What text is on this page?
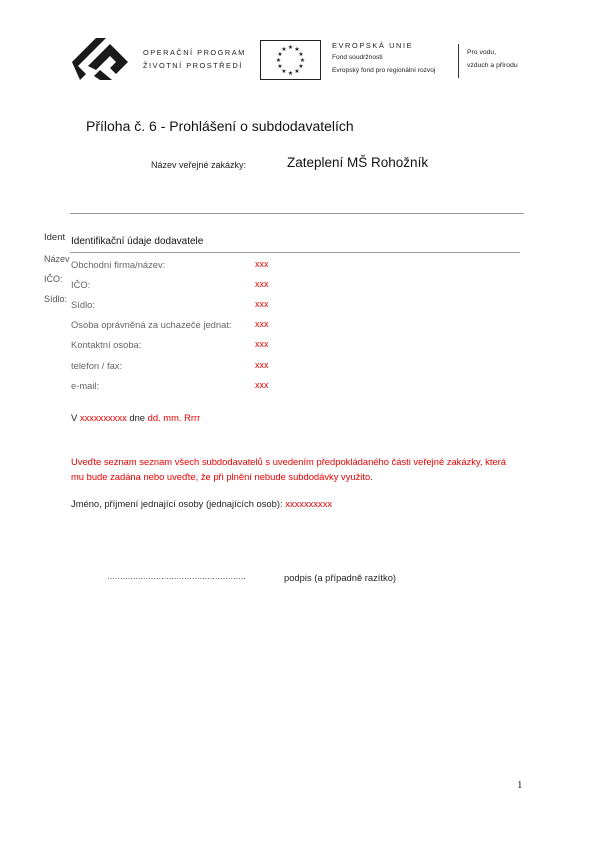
OPERAČNÍ PROGRAM
ŽIVOTNÍ PROSTŘEDÍ
★ ★
★
★
★
★
★
★
★
★
★
★	EVROPSKÁ UNIE
Fond soudržnosti
Evropský fond pro regionální rozvoj
Pro vodu,
vzduch a přírodu
Příloha č. 6 - Prohlášení o subdodavatelích
Název veřejné zakázky:	Zateplení MŠ Rohožník
Ident
Název
IČO:
Sídlo:
Identifikační údaje dodavatele
Obchodní firma/název:	xxx
IČO:	xxx
Sídlo:	xxx
Osoba oprávněná za uchazeče jednat:	xxx
Kontaktní osoba:	xxx
telefon / fax:	xxx
e-mail:	xxx
V xxxxxxxxxx dne dd. mm. Rrrr
Uveďte seznam seznam všech subdodavatelů s uvedením předpokládaného části veřejné zakázky, která mu bude zadána nebo uveďte, že při plnění nebude subdodávky využito.
Jméno, příjmení jednající osoby (jednajících osob): xxxxxxxxxx
………………………………………………	podpis (a případně razítko)
1
